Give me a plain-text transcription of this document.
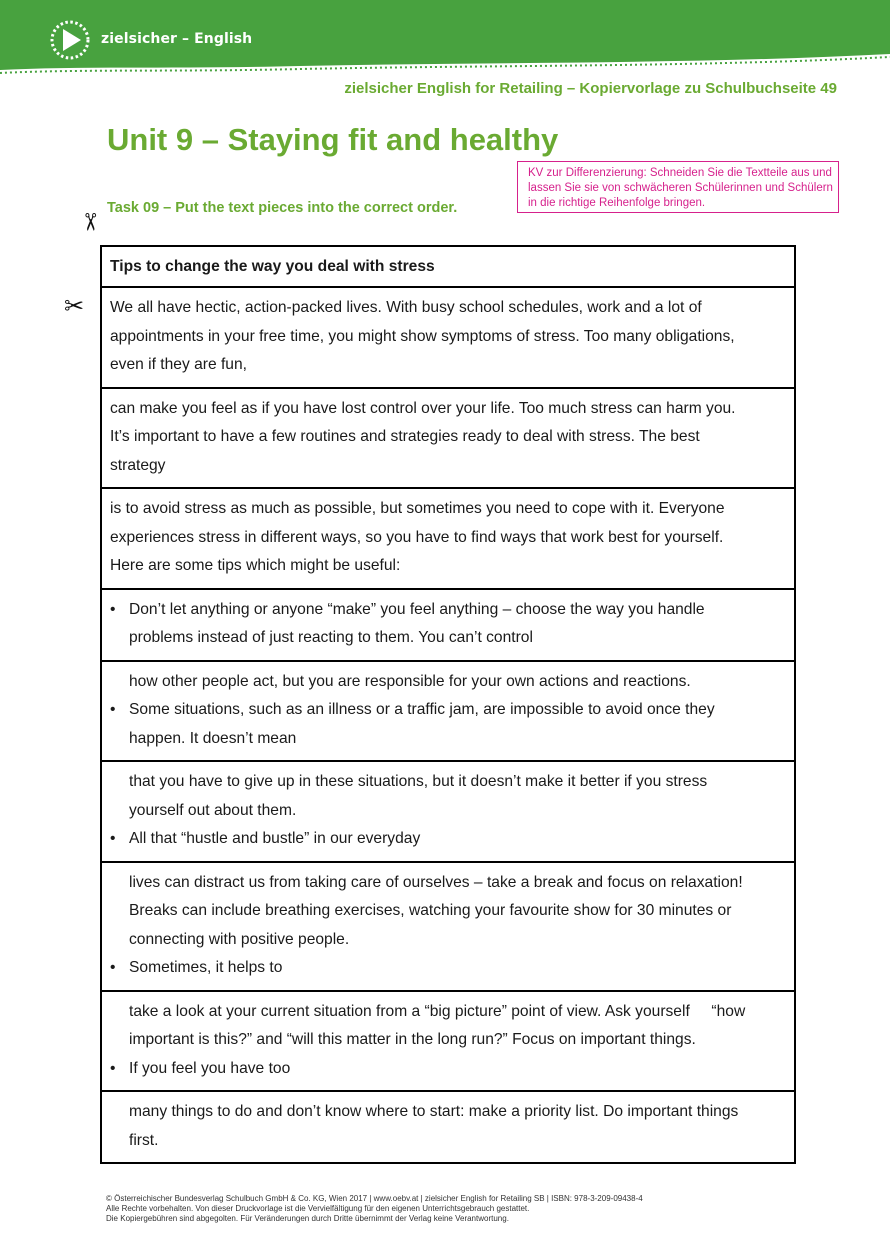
zielsicher – English
zielsicher English for Retailing – Kopiervorlage zu Schulbuchseite 49
Unit 9 – Staying fit and healthy
KV zur Differenzierung: Schneiden Sie die Textteile aus und lassen Sie sie von schwächeren Schülerinnen und Schülern in die richtige Reihenfolge bringen.
Task 09 – Put the text pieces into the correct order.
✂
✂
Tips to change the way you deal with stress

We all have hectic, action-packed lives. With busy school schedules, work and a lot of
appointments in your free time, you might show symptoms of stress. Too many obligations,
even if they are fun,

can make you feel as if you have lost control over your life. Too much stress can harm you.
It’s important to have a few routines and strategies ready to deal with stress. The best
strategy

is to avoid stress as much as possible, but sometimes you need to cope with it. Everyone
experiences stress in different ways, so you have to find ways that work best for yourself.
Here are some tips which might be useful:

• Don’t let anything or anyone “make” you feel anything – choose the way you handle
problems instead of just reacting to them. You can’t control

how other people act, but you are responsible for your own actions and reactions.
• Some situations, such as an illness or a traffic jam, are impossible to avoid once they
happen. It doesn’t mean

that you have to give up in these situations, but it doesn’t make it better if you stress
yourself out about them.
• All that “hustle and bustle” in our everyday

lives can distract us from taking care of ourselves – take a break and focus on relaxation!
Breaks can include breathing exercises, watching your favourite show for 30 minutes or
connecting with positive people.
• Sometimes, it helps to

take a look at your current situation from a “big picture” point of view. Ask yourself     “how
important is this?” and “will this matter in the long run?” Focus on important things.
• If you feel you have too

many things to do and don’t know where to start: make a priority list. Do important things
first.
© Österreichischer Bundesverlag Schulbuch GmbH & Co. KG, Wien 2017 | www.oebv.at | zielsicher English for Retailing SB | ISBN: 978-3-209-09438-4
Alle Rechte vorbehalten. Von dieser Druckvorlage ist die Vervielfältigung für den eigenen Unterrichtsgebrauch gestattet.
Die Kopiergebühren sind abgegolten. Für Veränderungen durch Dritte übernimmt der Verlag keine Verantwortung.
